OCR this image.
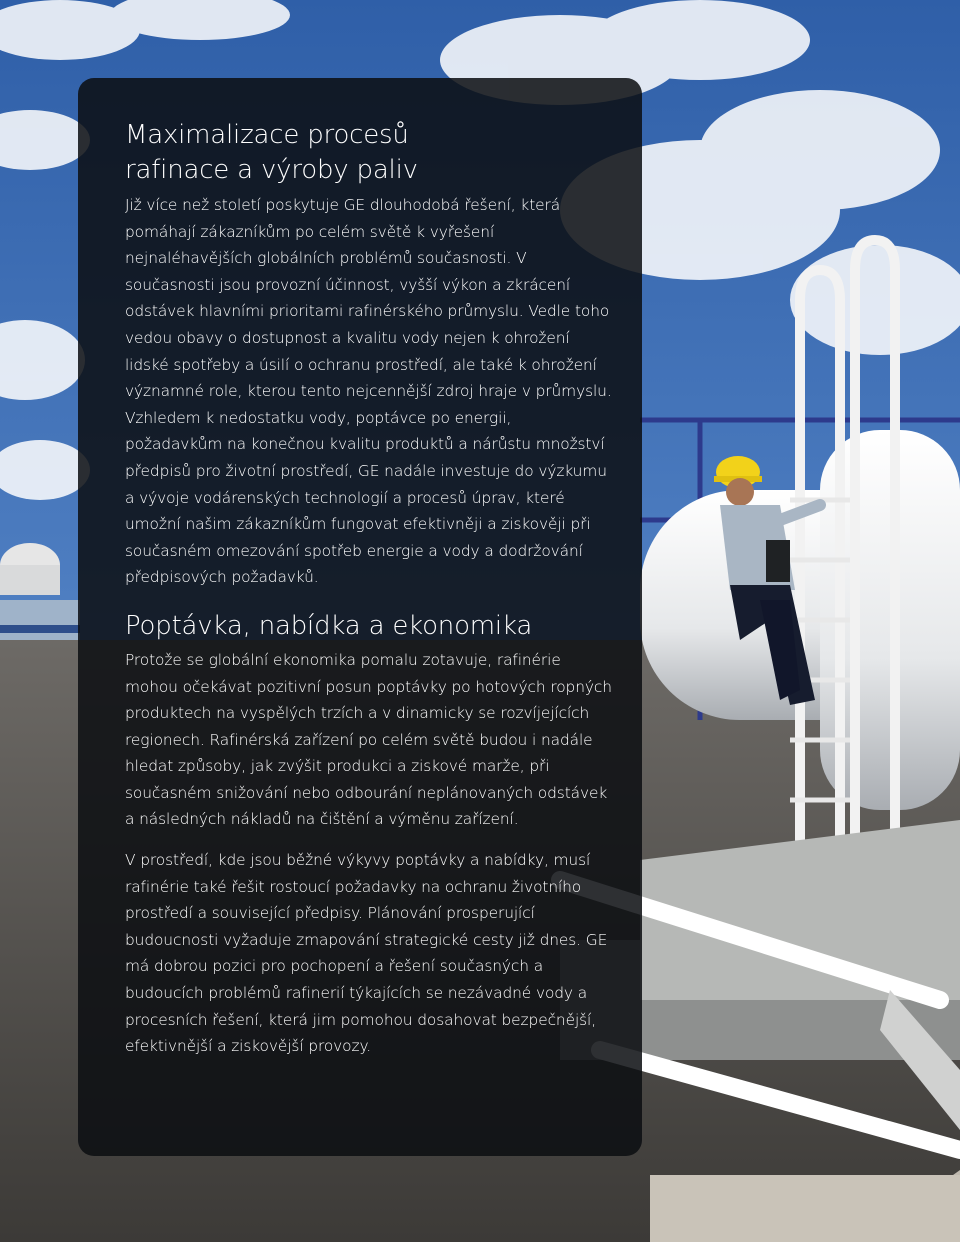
Maximalizace procesů
rafinace a výroby paliv

Již více než století poskytuje GE dlouhodobá řešení, která pomáhají zákazníkům po celém světě k vyřešení nejnaléhavějších globálních problémů současnosti. V současnosti jsou provozní účinnost, vyšší výkon a zkrácení odstávek hlavními prioritami rafinérského průmyslu. Vedle toho vedou obavy o dostupnost a kvalitu vody nejen k ohrožení lidské spotřeby a úsilí o ochranu prostředí, ale také k ohrožení významné role, kterou tento nejcennější zdroj hraje v průmyslu. Vzhledem k nedostatku vody, poptávce po energii, požadavkům na konečnou kvalitu produktů a nárůstu množství předpisů pro životní prostředí, GE nadále investuje do výzkumu a vývoje vodárenských technologií a procesů úprav, které umožní našim zákazníkům fungovat efektivněji a ziskověji při současném omezování spotřeb energie a vody a dodržování předpisových požadavků.

Poptávka, nabídka a ekonomika

Protože se globální ekonomika pomalu zotavuje, rafinérie mohou očekávat pozitivní posun poptávky po hotových ropných produktech na vyspělých trzích a v dinamicky se rozvíjejících regionech. Rafinérská zařízení po celém světě budou i nadále hledat způsoby, jak zvýšit produkci a ziskové marže, při současném snižování nebo odbourání neplánovaných odstávek a následných nákladů na čištění a výměnu zařízení.

V prostředí, kde jsou běžné výkyvy poptávky a nabídky, musí rafinérie také řešit rostoucí požadavky na ochranu životního prostředí a související předpisy. Plánování prosperující budoucnosti vyžaduje zmapování strategické cesty již dnes. GE má dobrou pozici pro pochopení a řešení současných a budoucích problémů rafinerií týkajících se nezávadné vody a procesních řešení, která jim pomohou dosahovat bezpečnější, efektivnější a ziskovější provozy.
